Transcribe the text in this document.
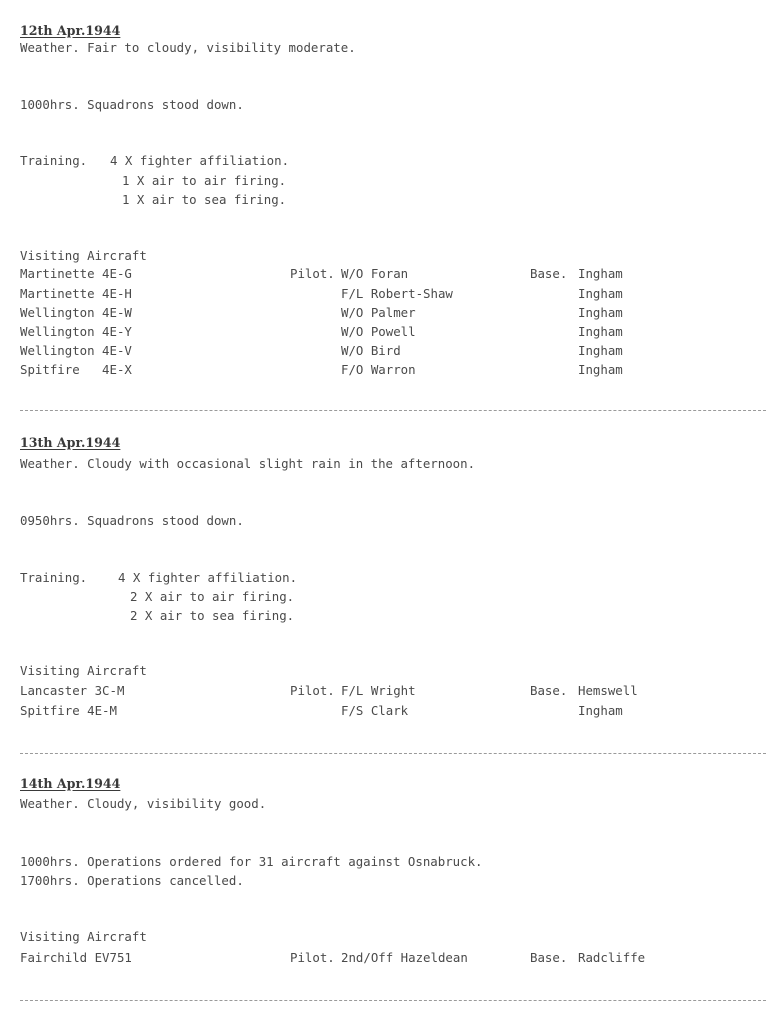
12th Apr.1944
Weather. Fair to cloudy, visibility moderate.
1000hrs. Squadrons stood down.
Training. 4 X fighter affiliation.
1 X air to air firing.
1 X air to sea firing.
Visiting Aircraft
Martinette 4E-G	Pilot. W/O Foran	Base. Ingham
Martinette 4E-H	F/L Robert-Shaw	Ingham
Wellington 4E-W	W/O Palmer	Ingham
Wellington 4E-Y	W/O Powell	Ingham
Wellington 4E-V	W/O Bird	Ingham
Spitfire   4E-X	F/O Warron	Ingham
13th Apr.1944
Weather. Cloudy with occasional slight rain in the afternoon.
0950hrs. Squadrons stood down.
Training. 4 X fighter affiliation.
2 X air to air firing.
2 X air to sea firing.
Visiting Aircraft
Lancaster 3C-M	Pilot. F/L Wright	Base. Hemswell
Spitfire 4E-M	F/S Clark	Ingham
14th Apr.1944
Weather. Cloudy, visibility good.
1000hrs. Operations ordered for 31 aircraft against Osnabruck.
1700hrs. Operations cancelled.
Visiting Aircraft
Fairchild EV751	Pilot. 2nd/Off Hazeldean	Base. Radcliffe
